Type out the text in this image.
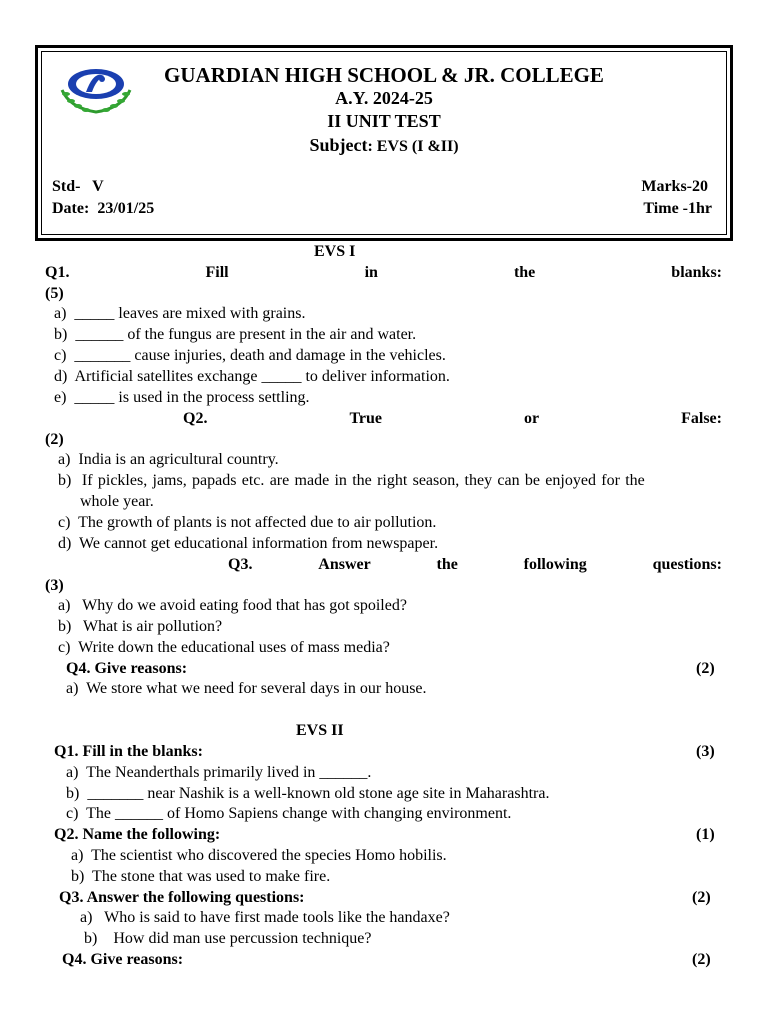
GUARDIAN HIGH SCHOOL & JR. COLLEGE
A.Y. 2024-25
II UNIT TEST
Subject: EVS (I &II)
Std-   V
Date:  23/01/25
Marks-20
Time -1hr
EVS I
Q1.	Fill	in	the	blanks:
(5)
a)  _____ leaves are mixed with grains.
b)  ______ of the fungus are present in the air and water.
c)  _______ cause injuries, death and damage in the vehicles.
d)  Artificial satellites exchange _____ to deliver information.
e)  _____ is used in the process settling.
Q2.	True	or	False:
(2)
a)  India is an agricultural country.
b)  If pickles, jams, papads etc. are made in the right season, they can be enjoyed for the
whole year.
c)  The growth of plants is not affected due to air pollution.
d)  We cannot get educational information from newspaper.
Q3.	Answer	the	following	questions:
(3)
a)   Why do we avoid eating food that has got spoiled?
b)   What is air pollution?
c)  Write down the educational uses of mass media?
Q4. Give reasons:	(2)
a)  We store what we need for several days in our house.
EVS II
Q1. Fill in the blanks:	(3)
a)  The Neanderthals primarily lived in ______.
b)  _______ near Nashik is a well-known old stone age site in Maharashtra.
c)  The ______ of Homo Sapiens change with changing environment.
Q2. Name the following:	(1)
a)  The scientist who discovered the species Homo hobilis.
b)  The stone that was used to make fire.
Q3. Answer the following questions:	(2)
a)   Who is said to have first made tools like the handaxe?
b)    How did man use percussion technique?
Q4. Give reasons:	(2)
